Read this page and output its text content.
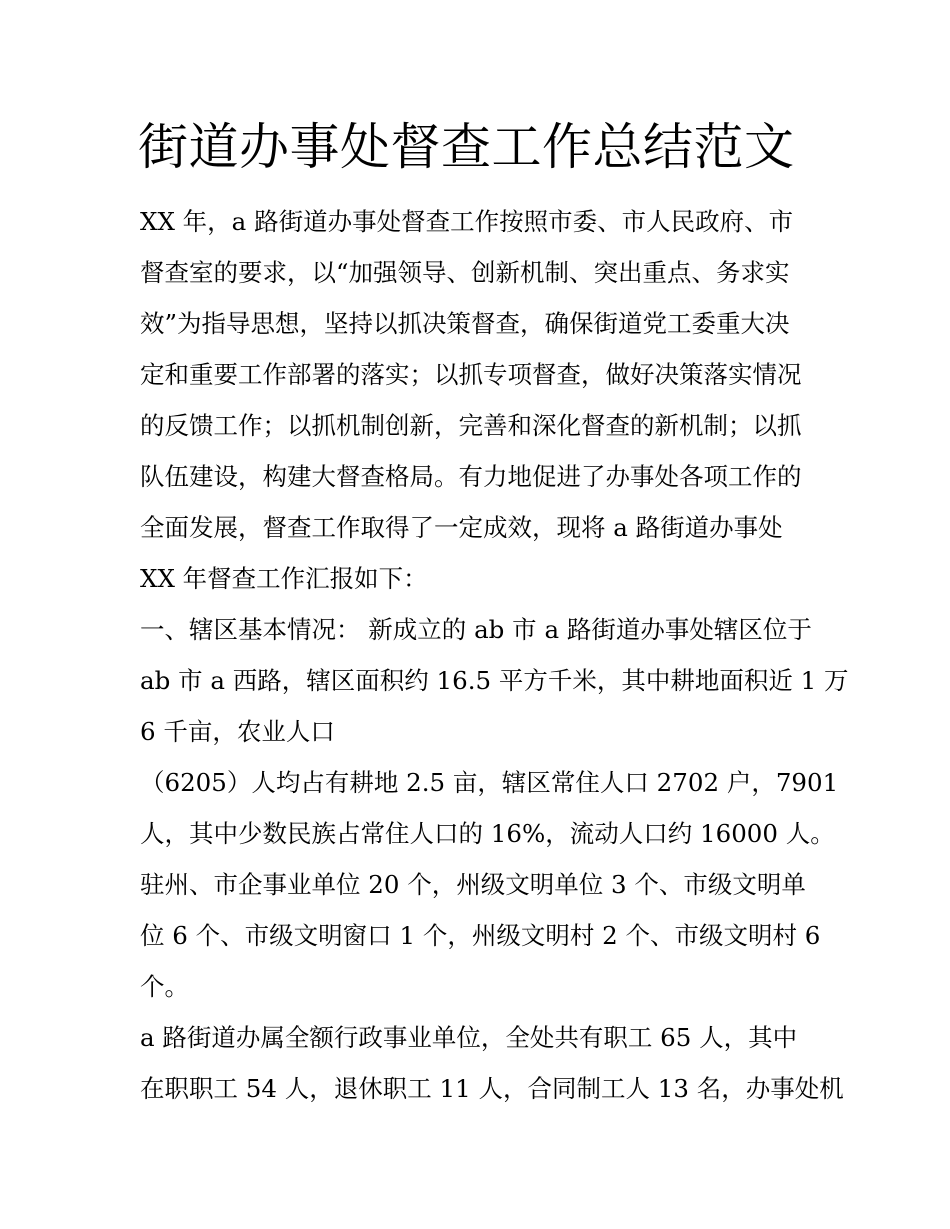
街道办事处督查工作总结范文

XX 年，a 路街道办事处督查工作按照市委、市人民政府、市

督查室的要求，以“加强领导、创新机制、突出重点、务求实

效”为指导思想，坚持以抓决策督查，确保街道党工委重大决

定和重要工作部署的落实；以抓专项督查，做好决策落实情况

的反馈工作；以抓机制创新，完善和深化督查的新机制；以抓

队伍建设，构建大督查格局。有力地促进了办事处各项工作的

全面发展，督查工作取得了一定成效，现将 a 路街道办事处

XX 年督查工作汇报如下：

一、辖区基本情况： 新成立的 ab 市 a 路街道办事处辖区位于

ab 市 a 西路，辖区面积约 16.5 平方千米，其中耕地面积近 1 万

6 千亩，农业人口

（6205）人均占有耕地 2.5 亩，辖区常住人口 2702 户，7901

人，其中少数民族占常住人口的 16%，流动人口约 16000 人。

驻州、市企事业单位 20 个，州级文明单位 3 个、市级文明单

位 6 个、市级文明窗口 1 个，州级文明村 2 个、市级文明村 6

个。

a 路街道办属全额行政事业单位，全处共有职工 65 人，其中

在职职工 54 人，退休职工 11 人，合同制工人 13 名，办事处机
